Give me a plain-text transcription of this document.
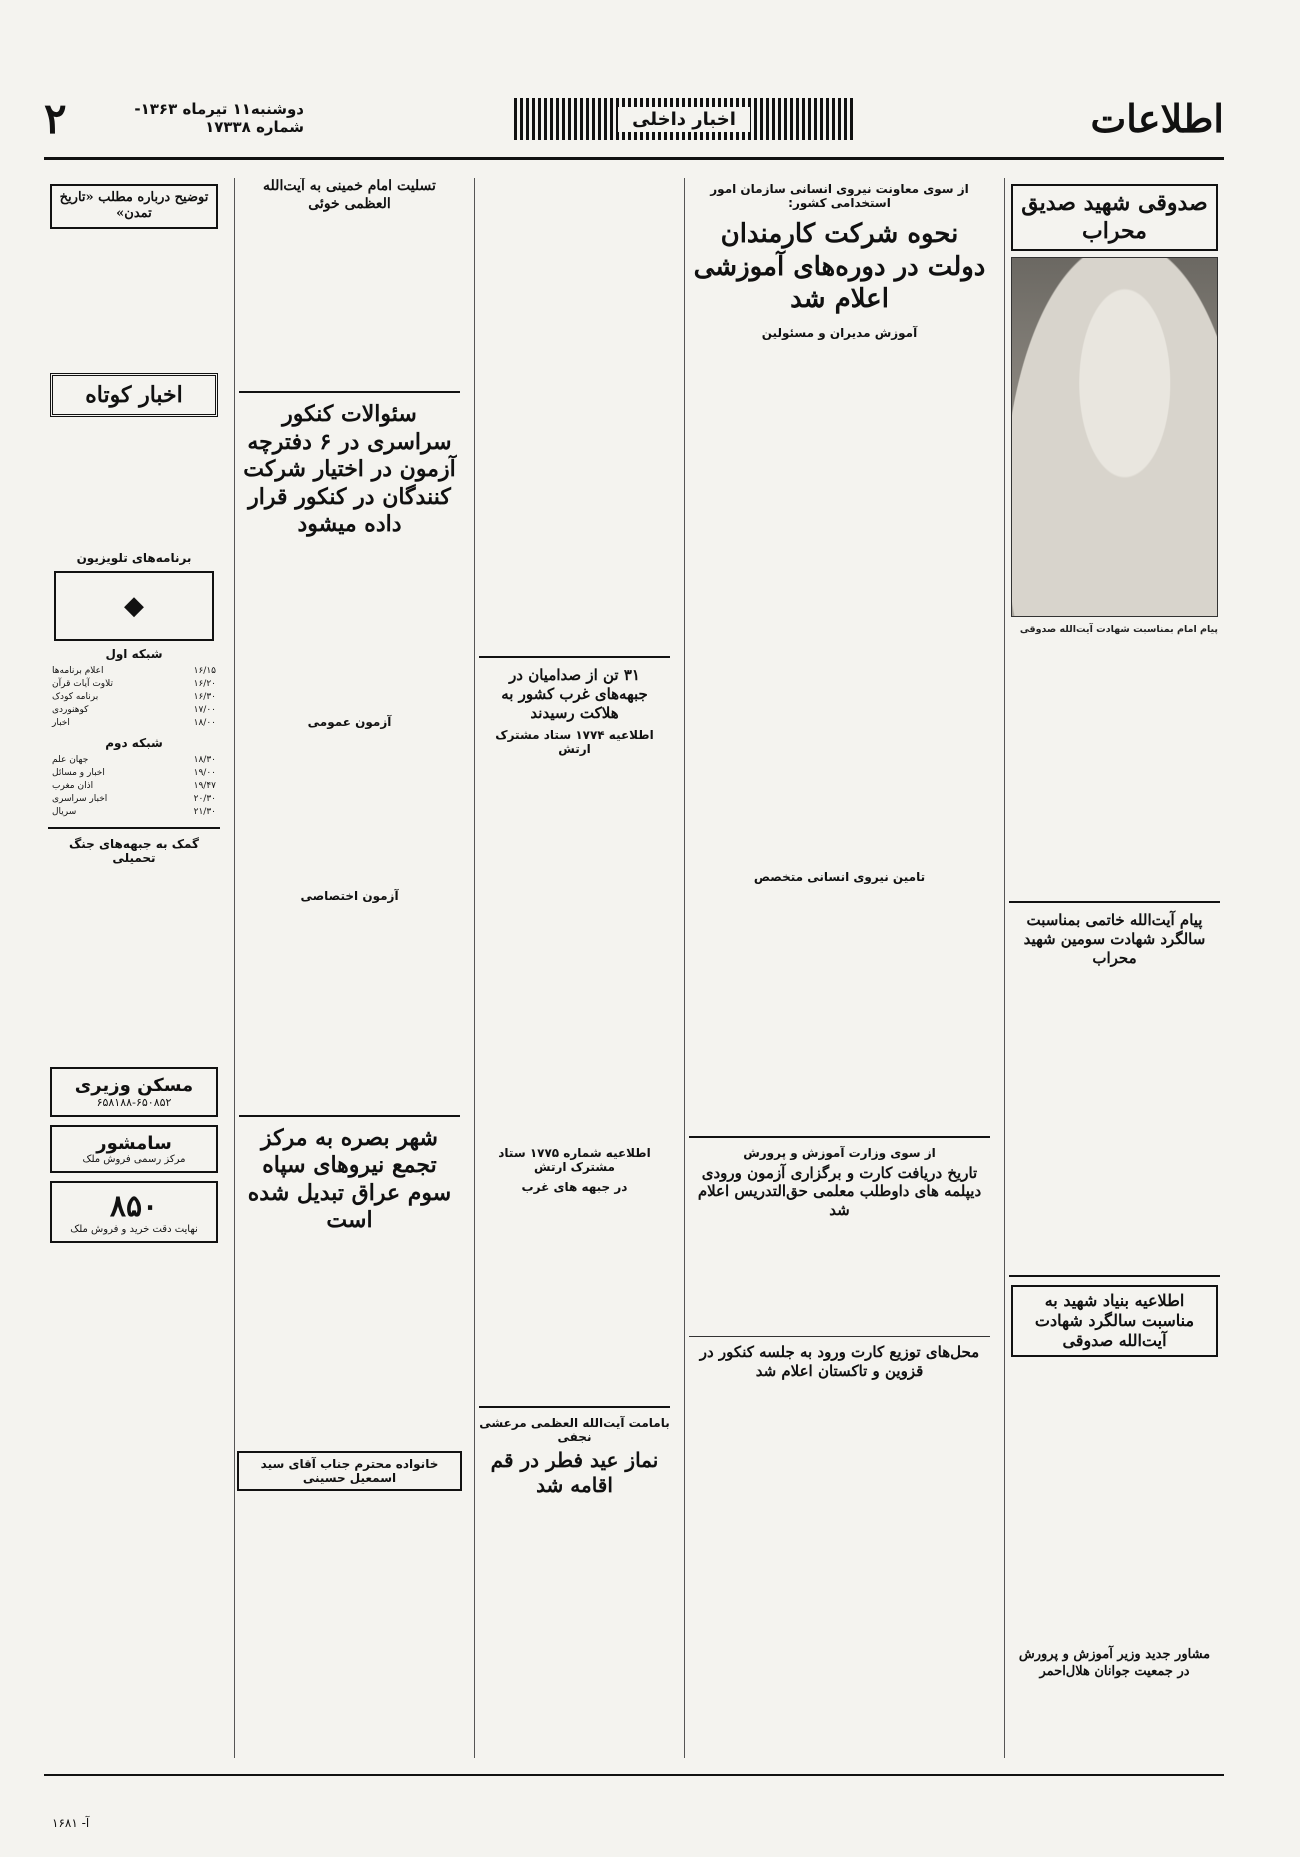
اطلاعات
اخبار داخلی
دوشنبه۱۱ تیرماه ۱۳۶۳- شماره ۱۷۳۳۸
۲
صدوقی شهید صدیق محراب
پیام امام بمناسبت شهادت آیت‌الله صدوقی
پیام آیت‌الله خاتمی بمناسبت سالگرد شهادت سومین شهید محراب
اطلاعیه بنیاد شهید به مناسبت سالگرد شهادت آیت‌الله صدوقی
مشاور جدید وزیر آموزش و پرورش در جمعیت جوانان هلال‌احمر
از سوی معاونت نیروی انسانی سازمان امور استخدامی کشور:
نحوه شرکت کارمندان دولت در دوره‌های آموزشی اعلام شد
آموزش مدیران و مسئولین
تامین نیروی انسانی متخصص
از سوی وزارت آموزش و پرورش
تاریخ دریافت کارت و برگزاری آزمون ورودی دیپلمه های داوطلب معلمی حق‌التدریس اعلام شد
محل‌های توزیع کارت ورود به جلسه کنکور در قزوین و تاکستان اعلام شد
۳۱ تن از صدامیان در جبهه‌های غرب کشور به هلاکت رسیدند
اطلاعیه ۱۷۷۴ ستاد مشترک ارتش
اطلاعیه شماره ۱۷۷۵ ستاد مشترک ارتش
در جبهه های غرب
بامامت آیت‌الله العظمی مرعشی نجفی
نماز عید فطر در قم اقامه شد
تسلیت امام خمینی به آیت‌الله العظمی خوئی
سئوالات کنکور سراسری در ۶ دفترچه آزمون در اختیار شرکت کنندگان در کنکور قرار داده میشود
آزمون عمومی
آزمون اختصاصی
شهر بصره به مرکز تجمع نیروهای سپاه سوم عراق تبدیل شده است
خانواده محترم جناب آقای سید اسمعیل حسینی
توضیح درباره مطلب «تاریخ تمدن»
اخبار کوتاه
برنامه‌های تلویزیون
◆
شبکه اول
۱۶/۱۵
اعلام برنامه‌ها
۱۶/۲۰
تلاوت آیات قرآن
۱۶/۳۰
برنامه کودک
۱۷/۰۰
کوهنوردی
۱۸/۰۰
اخبار
شبکه دوم
۱۸/۳۰
جهان علم
۱۹/۰۰
اخبار و مسائل
۱۹/۴۷
اذان مغرب
۲۰/۳۰
اخبار سراسری
۲۱/۳۰
سریال
گمک به جبهه‌های جنگ تحمیلی
مسکن وزیری
۶۵۸۱۸۸-۶۵۰۸۵۲
سامشور
مرکز رسمی فروش ملک
۸۵۰
نهایت دقت خرید و فروش ملک
آ- ۱۶۸۱
